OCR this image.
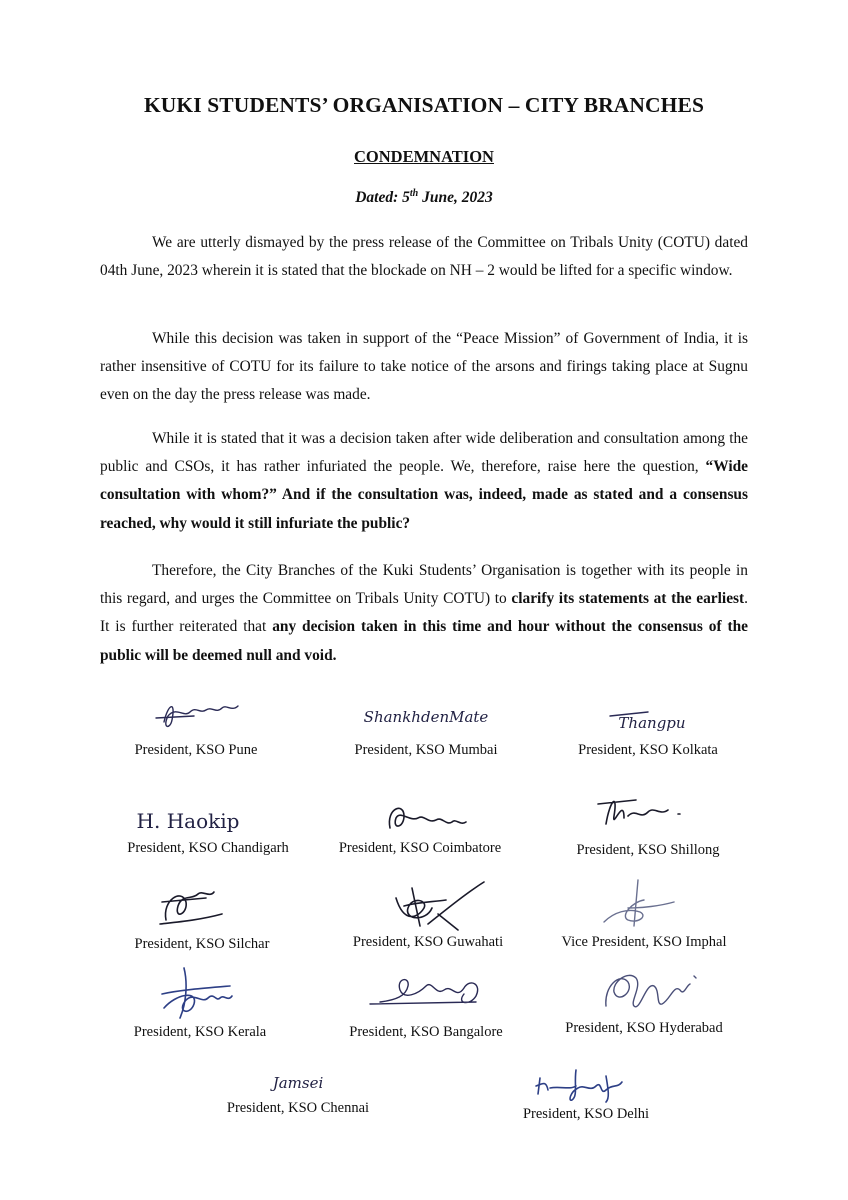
KUKI STUDENTS’ ORGANISATION – CITY BRANCHES
CONDEMNATION
Dated: 5th June, 2023

We are utterly dismayed by the press release of the Committee on Tribals Unity (COTU) dated 04th June, 2023 wherein it is stated that the blockade on NH – 2 would be lifted for a specific window.

While this decision was taken in support of the “Peace Mission” of Government of India, it is rather insensitive of COTU for its failure to take notice of the arsons and firings taking place at Sugnu even on the day the press release was made.

While it is stated that it was a decision taken after wide deliberation and consultation among the public and CSOs, it has rather infuriated the people. We, therefore, raise here the question, “Wide consultation with whom?” And if the consultation was, indeed, made as stated and a consensus reached, why would it still infuriate the public?

Therefore, the City Branches of the Kuki Students’ Organisation is together with its people in this regard, and urges the Committee on Tribals Unity COTU) to clarify its statements at the earliest. It is further reiterated that any decision taken in this time and hour without the consensus of the public will be deemed null and void.

President, KSO Pune
ShankhdenMate
President, KSO Mumbai
Thangpu
President, KSO Kolkata
H. Haokip
President, KSO Chandigarh	President, KSO Coimbatore	President, KSO Shillong
President, KSO Silchar	President, KSO Guwahati	Vice President, KSO Imphal
President, KSO Kerala	President, KSO Bangalore	President, KSO Hyderabad
Jamsei
President, KSO Chennai	President, KSO Delhi
